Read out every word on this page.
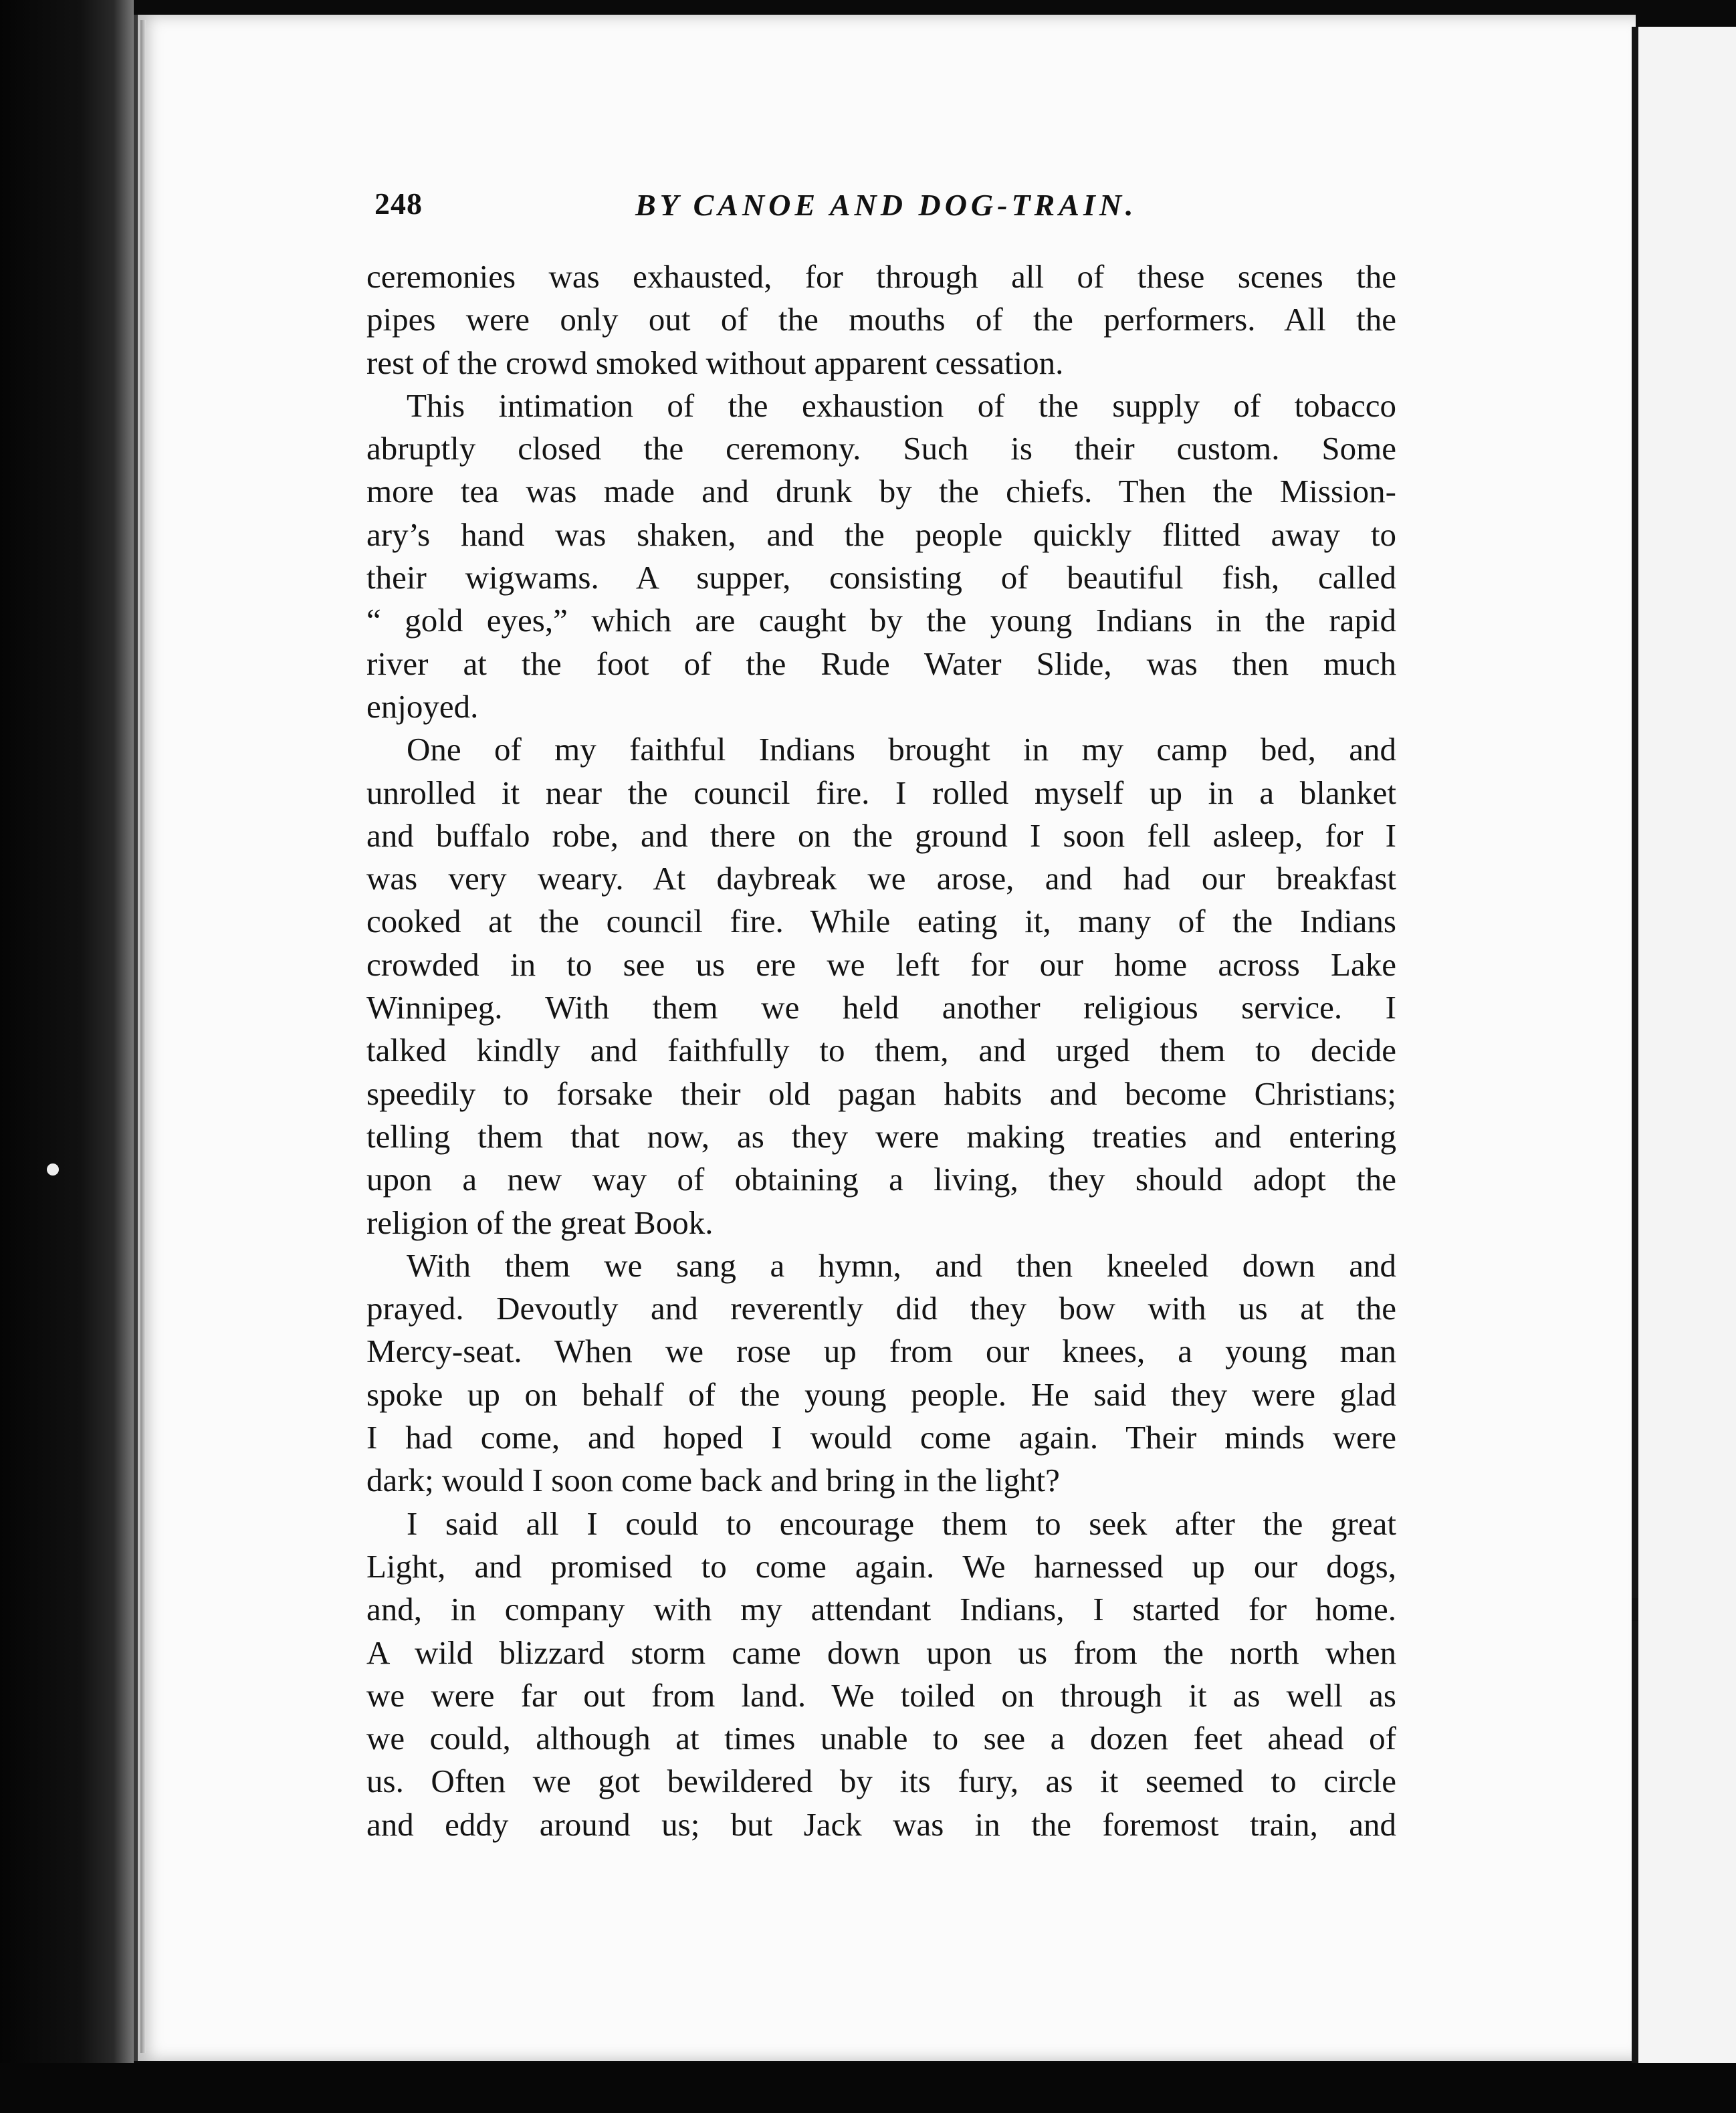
248	BY CANOE AND DOG-TRAIN.
ceremonies was exhausted, for through all of these scenes the
pipes were only out of the mouths of the performers. All the
rest of the crowd smoked without apparent cessation.
This intimation of the exhaustion of the supply of tobacco
abruptly closed the ceremony. Such is their custom. Some
more tea was made and drunk by the chiefs. Then the Mission-
ary’s hand was shaken, and the people quickly flitted away to
their wigwams. A supper, consisting of beautiful fish, called
“ gold eyes,” which are caught by the young Indians in the rapid
river at the foot of the Rude Water Slide, was then much
enjoyed.
One of my faithful Indians brought in my camp bed, and
unrolled it near the council fire. I rolled myself up in a blanket
and buffalo robe, and there on the ground I soon fell asleep, for I
was very weary. At daybreak we arose, and had our breakfast
cooked at the council fire. While eating it, many of the Indians
crowded in to see us ere we left for our home across Lake
Winnipeg. With them we held another religious service. I
talked kindly and faithfully to them, and urged them to decide
speedily to forsake their old pagan habits and become Christians;
telling them that now, as they were making treaties and entering
upon a new way of obtaining a living, they should adopt the
religion of the great Book.
With them we sang a hymn, and then kneeled down and
prayed. Devoutly and reverently did they bow with us at the
Mercy-seat. When we rose up from our knees, a young man
spoke up on behalf of the young people. He said they were glad
I had come, and hoped I would come again. Their minds were
dark; would I soon come back and bring in the light?
I said all I could to encourage them to seek after the great
Light, and promised to come again. We harnessed up our dogs,
and, in company with my attendant Indians, I started for home.
A wild blizzard storm came down upon us from the north when
we were far out from land. We toiled on through it as well as
we could, although at times unable to see a dozen feet ahead of
us. Often we got bewildered by its fury, as it seemed to circle
and eddy around us; but Jack was in the foremost train, and
